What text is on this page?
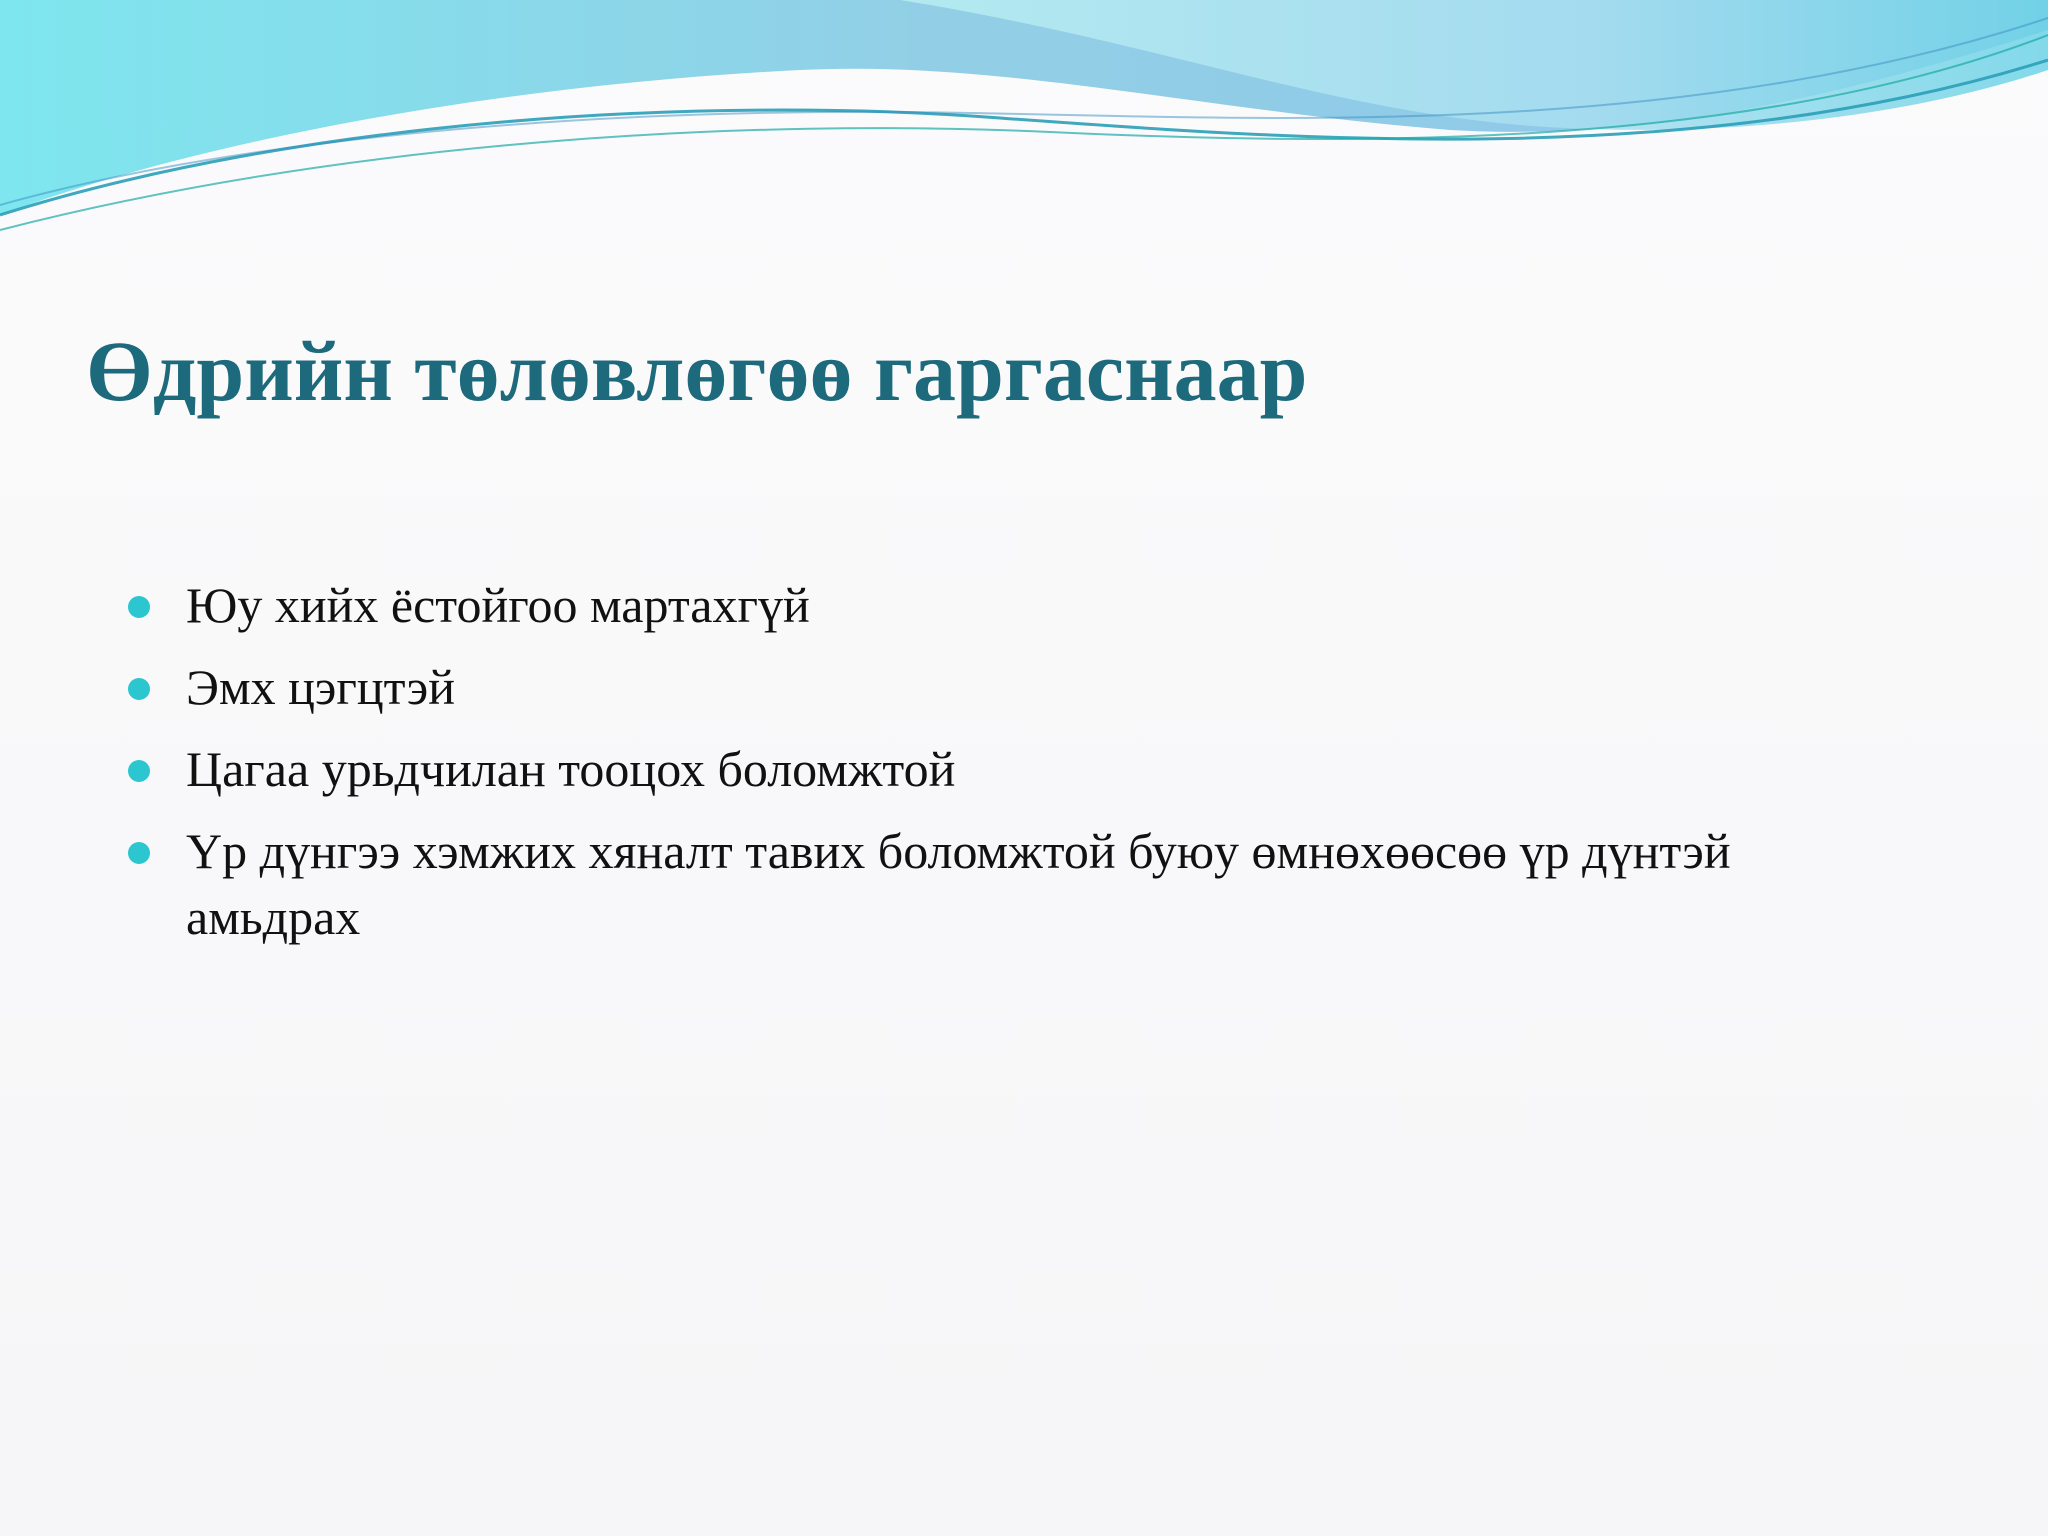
Өдрийн төлөвлөгөө гаргаснаар
Юу хийх ёстойгоо мартахгүй
Эмх цэгцтэй
Цагаа урьдчилан тооцох боломжтой
Үр дүнгээ хэмжих хяналт тавих боломжтой буюу өмнөхөөсөө үр дүнтэй амьдрах
